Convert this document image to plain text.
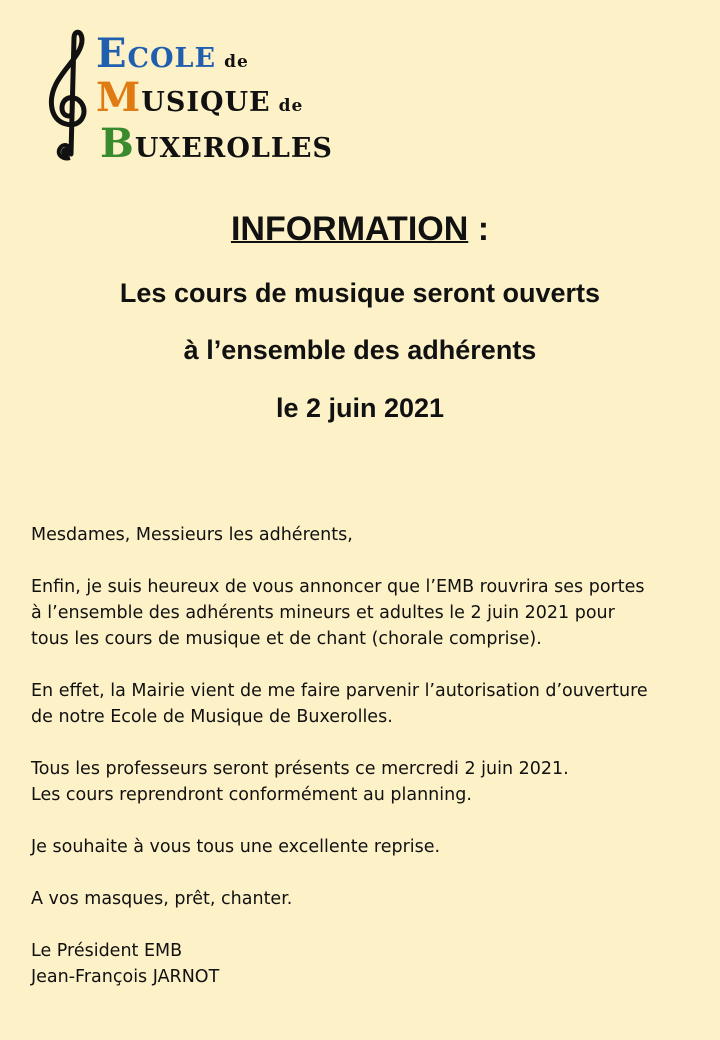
ECOLE de
MUSIQUE de
BUXEROLLES
INFORMATION :
Les cours de musique seront ouverts
à l’ensemble des adhérents
le 2 juin 2021

Mesdames, Messieurs les adhérents,

Enfin, je suis heureux de vous annoncer que l’EMB rouvrira ses portes
à l’ensemble des adhérents mineurs et adultes le 2 juin 2021 pour
tous les cours de musique et de chant (chorale comprise).

En effet, la Mairie vient de me faire parvenir l’autorisation d’ouverture
de notre Ecole de Musique de Buxerolles.

Tous les professeurs seront présents ce mercredi 2 juin 2021.
Les cours reprendront conformément au planning.

Je souhaite à vous tous une excellente reprise.

A vos masques, prêt, chanter.

Le Président EMB
Jean-François JARNOT
